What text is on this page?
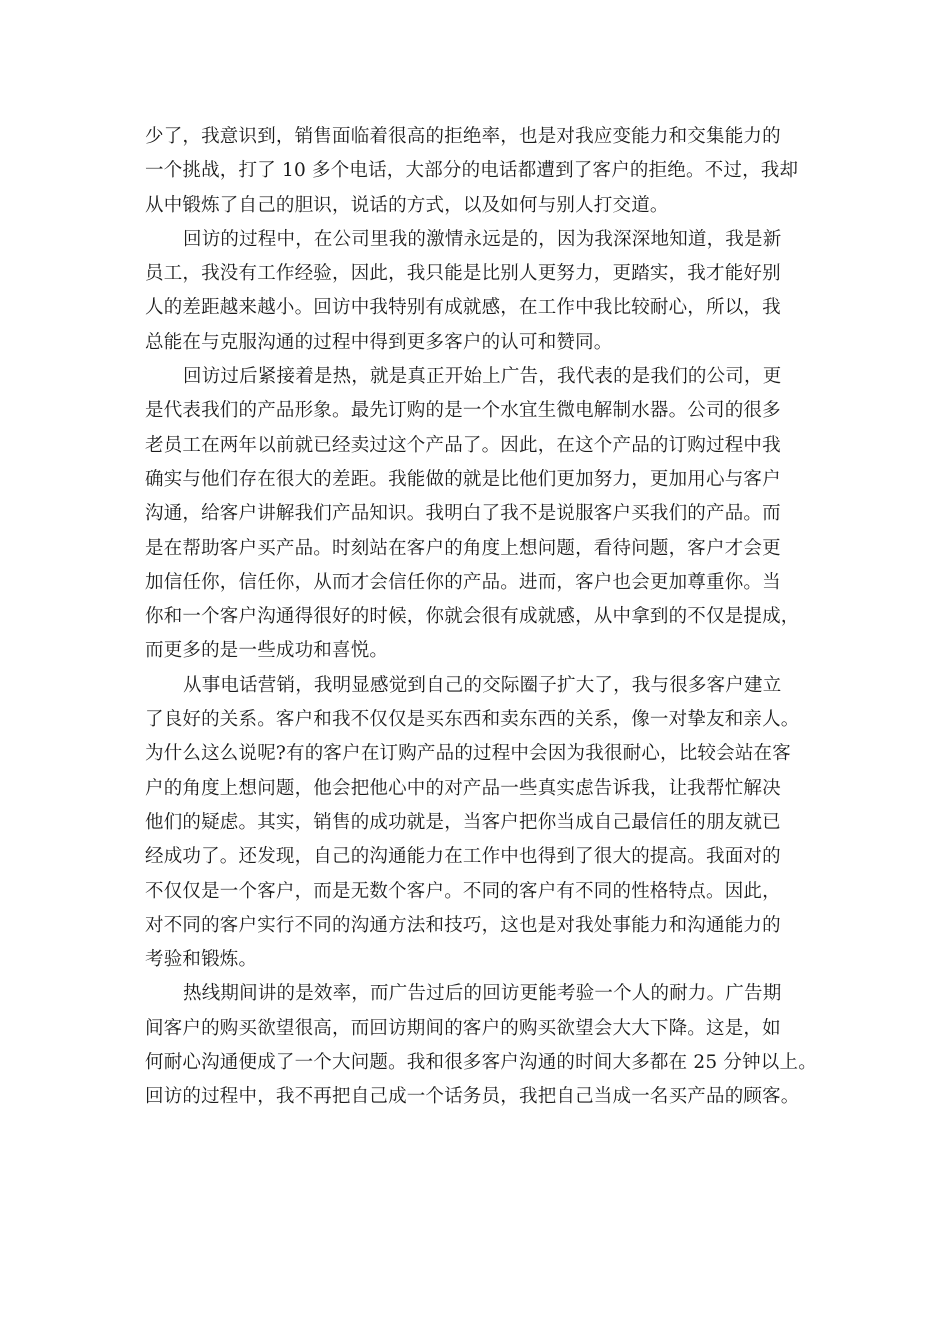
少了，我意识到，销售面临着很高的拒绝率，也是对我应变能力和交集能力的
一个挑战，打了 10 多个电话，大部分的电话都遭到了客户的拒绝。不过，我却
从中锻炼了自己的胆识，说话的方式，以及如何与别人打交道。
回访的过程中，在公司里我的激情永远是的，因为我深深地知道，我是新
员工，我没有工作经验，因此，我只能是比别人更努力，更踏实，我才能好别
人的差距越来越小。回访中我特别有成就感，在工作中我比较耐心，所以，我
总能在与克服沟通的过程中得到更多客户的认可和赞同。
回访过后紧接着是热，就是真正开始上广告，我代表的是我们的公司，更
是代表我们的产品形象。最先订购的是一个水宜生微电解制水器。公司的很多
老员工在两年以前就已经卖过这个产品了。因此，在这个产品的订购过程中我
确实与他们存在很大的差距。我能做的就是比他们更加努力，更加用心与客户
沟通，给客户讲解我们产品知识。我明白了我不是说服客户买我们的产品。而
是在帮助客户买产品。时刻站在客户的角度上想问题，看待问题，客户才会更
加信任你，信任你，从而才会信任你的产品。进而，客户也会更加尊重你。当
你和一个客户沟通得很好的时候，你就会很有成就感，从中拿到的不仅是提成，
而更多的是一些成功和喜悦。
从事电话营销，我明显感觉到自己的交际圈子扩大了，我与很多客户建立
了良好的关系。客户和我不仅仅是买东西和卖东西的关系，像一对挚友和亲人。
为什么这么说呢?有的客户在订购产品的过程中会因为我很耐心，比较会站在客
户的角度上想问题，他会把他心中的对产品一些真实虑告诉我，让我帮忙解决
他们的疑虑。其实，销售的成功就是，当客户把你当成自己最信任的朋友就已
经成功了。还发现，自己的沟通能力在工作中也得到了很大的提高。我面对的
不仅仅是一个客户，而是无数个客户。不同的客户有不同的性格特点。因此，
对不同的客户实行不同的沟通方法和技巧，这也是对我处事能力和沟通能力的
考验和锻炼。
热线期间讲的是效率，而广告过后的回访更能考验一个人的耐力。广告期
间客户的购买欲望很高，而回访期间的客户的购买欲望会大大下降。这是，如
何耐心沟通便成了一个大问题。我和很多客户沟通的时间大多都在 25 分钟以上。
回访的过程中，我不再把自己成一个话务员，我把自己当成一名买产品的顾客。
